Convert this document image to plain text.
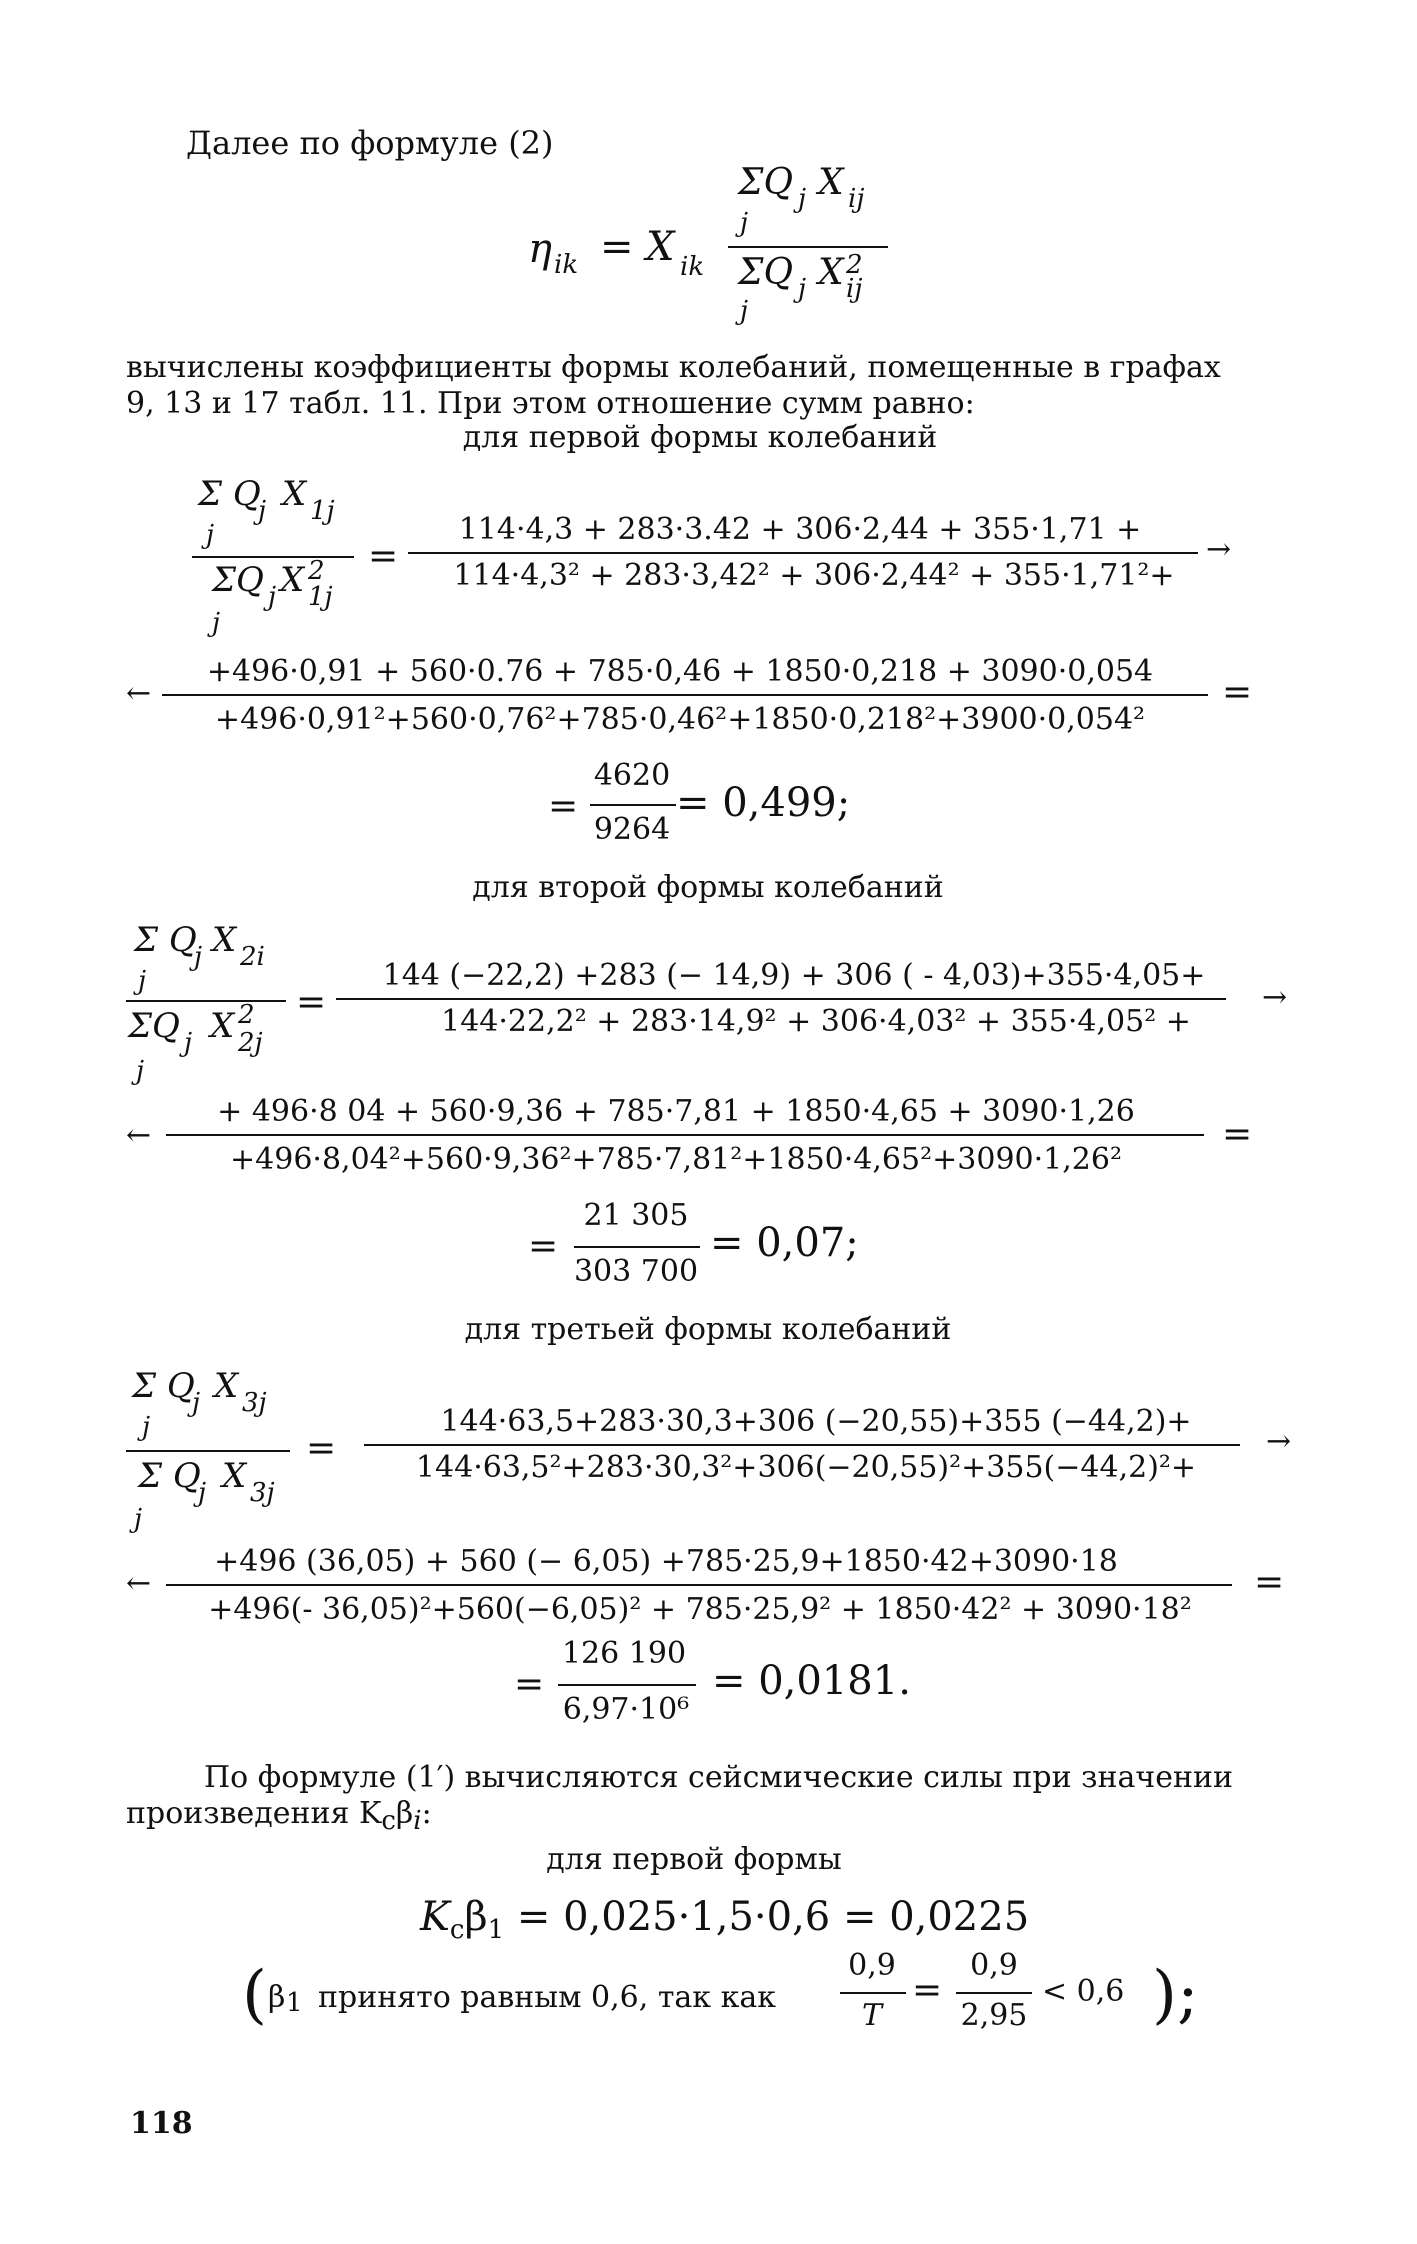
Далее по формуле (2)
η ik = X ik
ΣQ j X ij
j
ΣQ j X 2
ij
j
вычислены коэффициенты формы колебаний, помещенные в графах
9, 13 и 17 табл. 11. При этом отношение сумм равно:
для первой формы колебаний
Σ Q
j X 1j
j
ΣQ j X 2
1j
j
=
114·4,3 + 283·3.42 + 306·2,44 + 355·1,71 +
114·4,3² + 283·3,42² + 306·2,44² + 355·1,71²+
→
←
+496·0,91 + 560·0.76 + 785·0,46 + 1850·0,218 + 3090·0,054
+496·0,91²+560·0,76²+785·0,46²+1850·0,218²+3900·0,054²
=
=
4620
9264
= 0,499;
для второй формы колебаний
Σ Q
j X 2i
j
ΣQ j X 2
2j
j
=
144 (−22,2) +283 (− 14,9) + 306 ( - 4,03)+355·4,05+
144·22,2² + 283·14,9² + 306·4,03² + 355·4,05² +
→
←
+ 496·8 04 + 560·9,36 + 785·7,81 + 1850·4,65 + 3090·1,26
+496·8,04²+560·9,36²+785·7,81²+1850·4,65²+3090·1,26²
=
=
21 305
303 700
= 0,07;
для третьей формы колебаний
Σ Q
j X 3j
j
Σ Q
j X 3j
j
=
144·63,5+283·30,3+306 (−20,55)+355 (−44,2)+
144·63,5²+283·30,3²+306(−20,55)²+355(−44,2)²+
→
←
+496 (36,05) + 560 (− 6,05) +785·25,9+1850·42+3090·18
+496(- 36,05)²+560(−6,05)² + 785·25,9² + 1850·42² + 3090·18²
=
=
126 190
6,97·10⁶
= 0,0181.
По формуле (1′) вычисляются сейсмические силы при значении
произведения Kcβi:
для первой формы
$K_c\beta_1 = 0,025\cdot 1,5\cdot 0,6 = 0,0225$
( β 1 принято равным 0,6, так как
0,9
T
=
0,9
2,95
< 0,6 );
118
